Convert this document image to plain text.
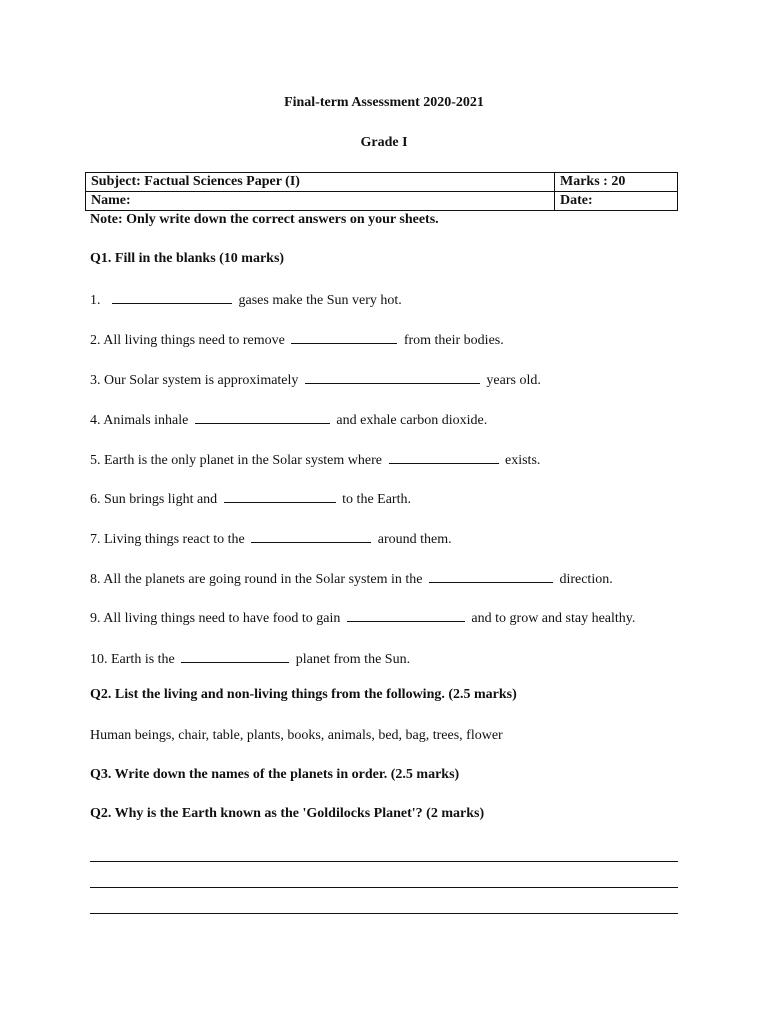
Final-term Assessment 2020-2021
Grade I
Subject: Factual Sciences Paper (I)	Marks : 20
Name:	Date:
Note: Only write down the correct answers on your sheets.
Q1. Fill in the blanks (10 marks)
1.	gases make the Sun very hot.
2. All living things need to remove	from their bodies.
3. Our Solar system is approximately	years old.
4. Animals inhale	and exhale carbon dioxide.
5. Earth is the only planet in the Solar system where	exists.
6. Sun brings light and	to the Earth.
7. Living things react to the	around them.
8. All the planets are going round in the Solar system in the	direction.
9. All living things need to have food to gain	and to grow and stay healthy.
10. Earth is the	planet from the Sun.
Q2. List the living and non-living things from the following. (2.5 marks)
Human beings, chair, table, plants, books, animals, bed, bag, trees, flower
Q3. Write down the names of the planets in order. (2.5 marks)
Q2. Why is the Earth known as the 'Goldilocks Planet'? (2 marks)
